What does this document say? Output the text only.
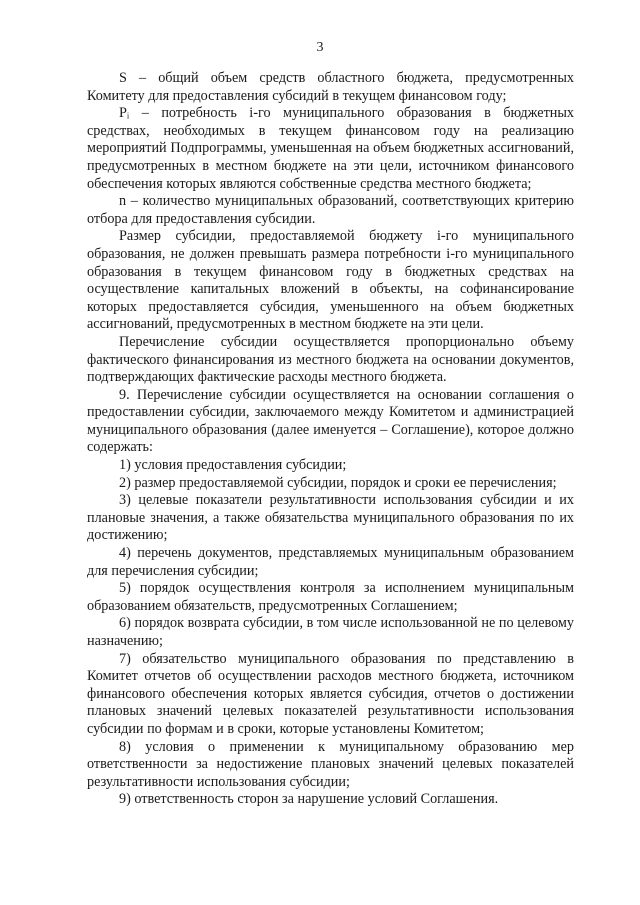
3

S – общий объем средств областного бюджета, предусмотренных Комитету для предоставления субсидий в текущем финансовом году;

Pᵢ – потребность i-го муниципального образования в бюджетных средствах, необходимых в текущем финансовом году на реализацию мероприятий Подпрограммы, уменьшенная на объем бюджетных ассигнований, предусмотренных в местном бюджете на эти цели, источником финансового обеспечения которых являются собственные средства местного бюджета;

n – количество муниципальных образований, соответствующих критерию отбора для предоставления субсидии.

Размер субсидии, предоставляемой бюджету i-го муниципального образования, не должен превышать размера потребности i-го муниципального образования в текущем финансовом году в бюджетных средствах на осуществление капитальных вложений в объекты, на софинансирование которых предоставляется субсидия, уменьшенного на объем бюджетных ассигнований, предусмотренных в местном бюджете на эти цели.

Перечисление субсидии осуществляется пропорционально объему фактического финансирования из местного бюджета на основании документов, подтверждающих фактические расходы местного бюджета.

9. Перечисление субсидии осуществляется на основании соглашения о предоставлении субсидии, заключаемого между Комитетом и администрацией муниципального образования (далее именуется – Соглашение), которое должно содержать:

1) условия предоставления субсидии;

2) размер предоставляемой субсидии, порядок и сроки ее перечисления;

3) целевые показатели результативности использования субсидии и их плановые значения, а также обязательства муниципального образования по их достижению;

4) перечень документов, представляемых муниципальным образованием для перечисления субсидии;

5) порядок осуществления контроля за исполнением муниципальным образованием обязательств, предусмотренных Соглашением;

6) порядок возврата субсидии, в том числе использованной не по целевому назначению;

7) обязательство муниципального образования по представлению в Комитет отчетов об осуществлении расходов местного бюджета, источником финансового обеспечения которых является субсидия, отчетов о достижении плановых значений целевых показателей результативности использования субсидии по формам и в сроки, которые установлены Комитетом;

8) условия о применении к муниципальному образованию мер ответственности за недостижение плановых значений целевых показателей результативности использования субсидии;

9) ответственность сторон за нарушение условий Соглашения.
